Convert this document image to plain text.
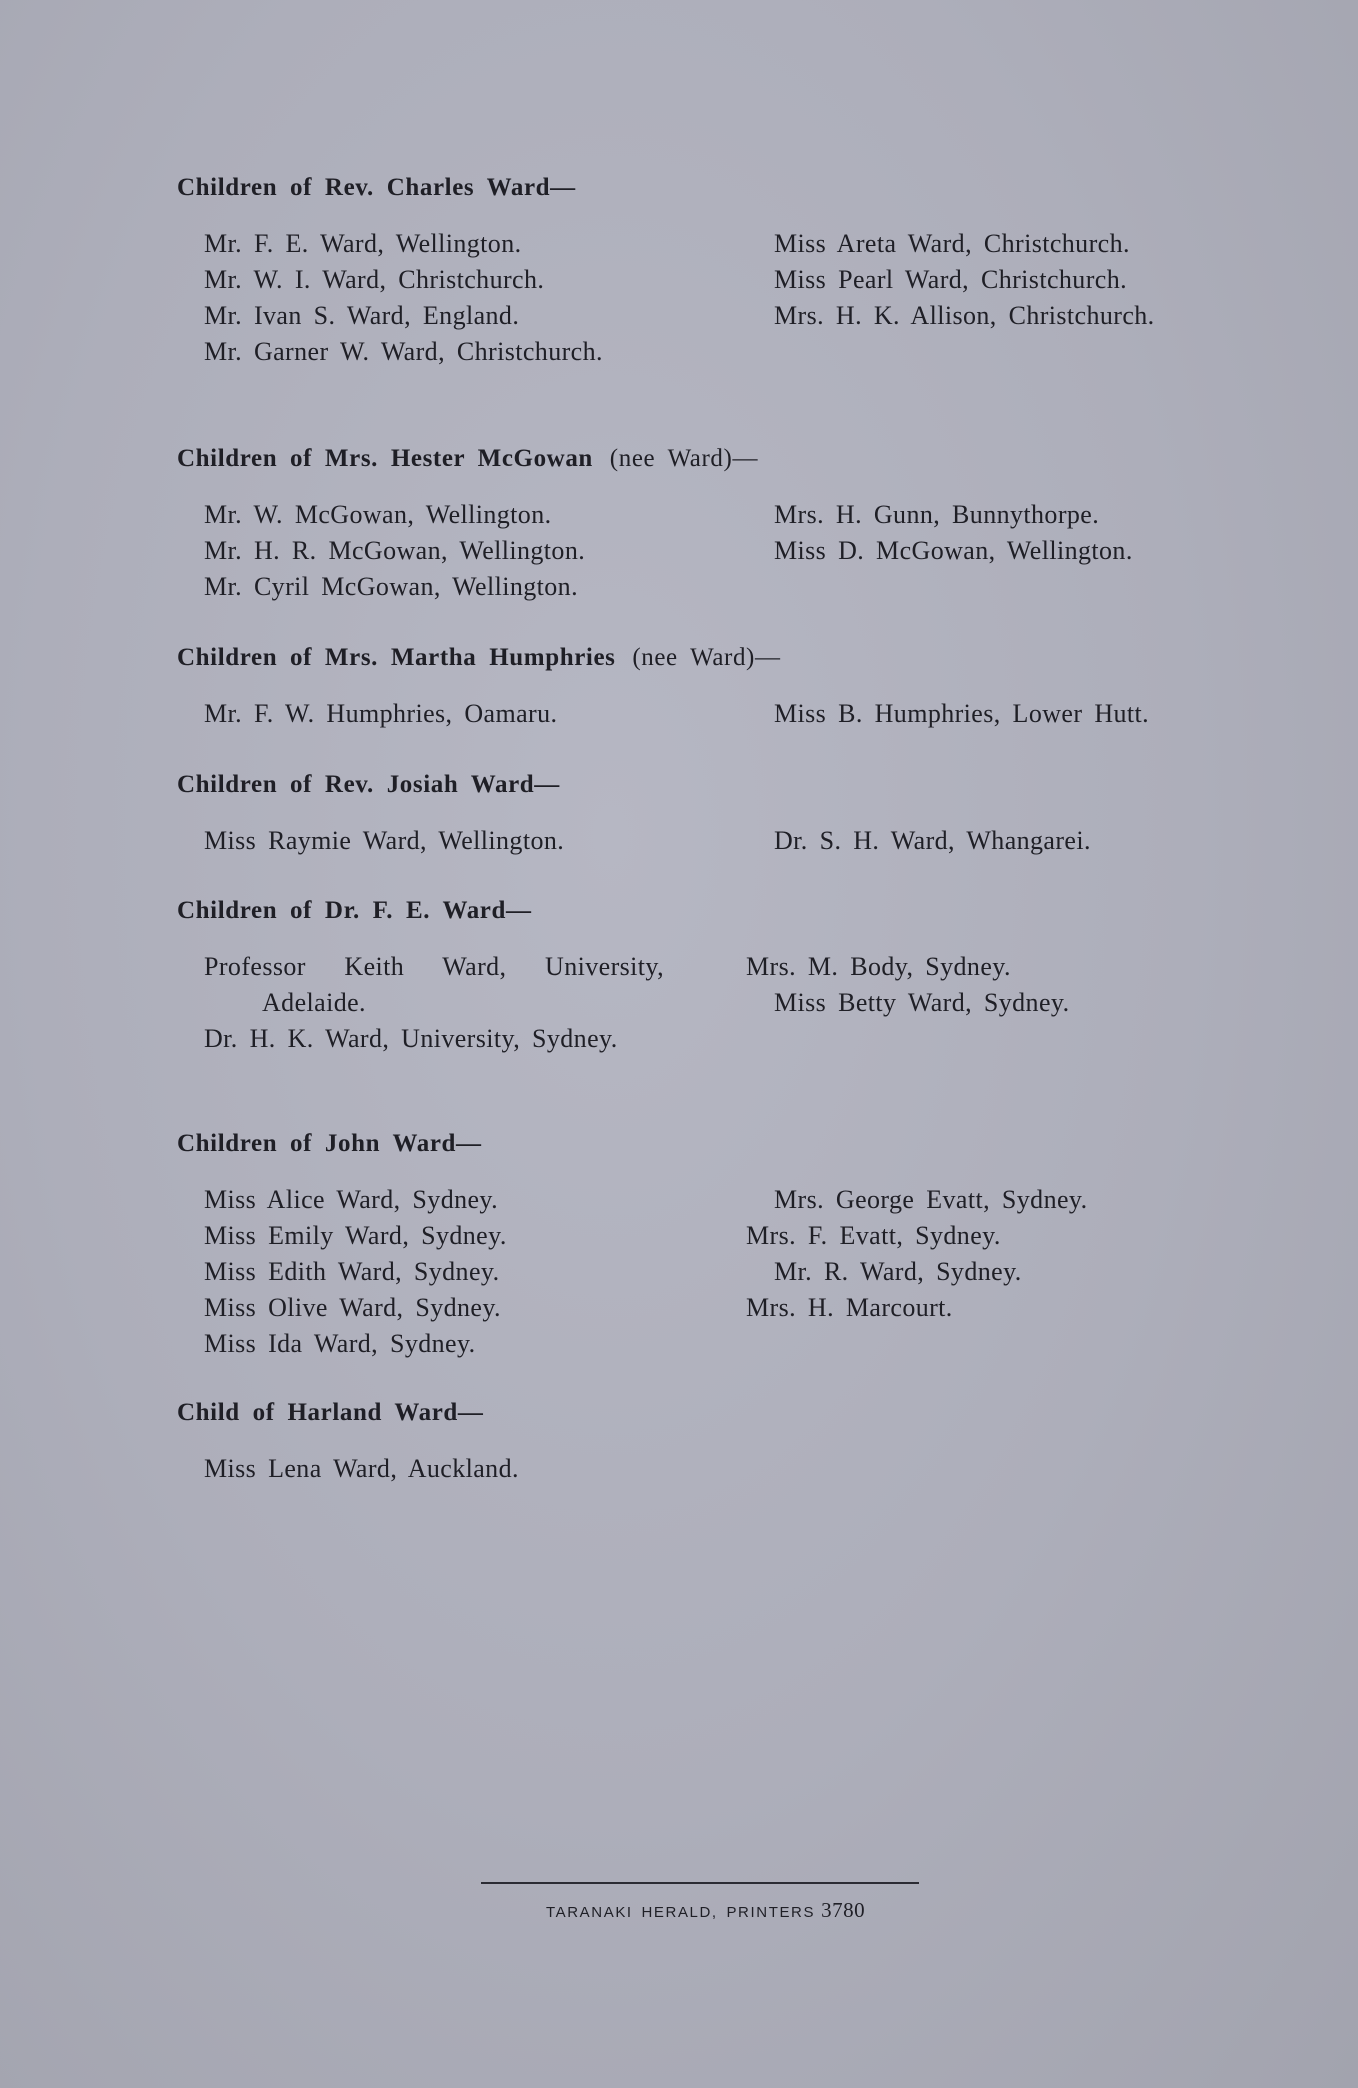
Children of Rev. Charles Ward—
Mr. F. E. Ward, Wellington.
Mr. W. I. Ward, Christchurch.
Mr. Ivan S. Ward, England.
Mr. Garner W. Ward, Christchurch.
Miss Areta Ward, Christchurch.
Miss Pearl Ward, Christchurch.
Mrs. H. K. Allison, Christchurch.
Children of Mrs. Hester McGowan (nee Ward)—
Mr. W. McGowan, Wellington.
Mr. H. R. McGowan, Wellington.
Mr. Cyril McGowan, Wellington.
Mrs. H. Gunn, Bunnythorpe.
Miss D. McGowan, Wellington.
Children of Mrs. Martha Humphries (nee Ward)—
Mr. F. W. Humphries, Oamaru.	Miss B. Humphries, Lower Hutt.
Children of Rev. Josiah Ward—
Miss Raymie Ward, Wellington.	Dr. S. H. Ward, Whangarei.
Children of Dr. F. E. Ward—
Professor Keith Ward, University, Adelaide.
Dr. H. K. Ward, University, Sydney.
Mrs. M. Body, Sydney.
Miss Betty Ward, Sydney.
Children of John Ward—
Miss Alice Ward, Sydney.
Miss Emily Ward, Sydney.
Miss Edith Ward, Sydney.
Miss Olive Ward, Sydney.
Miss Ida Ward, Sydney.
Mrs. George Evatt, Sydney.
Mrs. F. Evatt, Sydney.
Mr. R. Ward, Sydney.
Mrs. H. Marcourt.
Child of Harland Ward—
Miss Lena Ward, Auckland.
TARANAKI HERALD, PRINTERS 3780
